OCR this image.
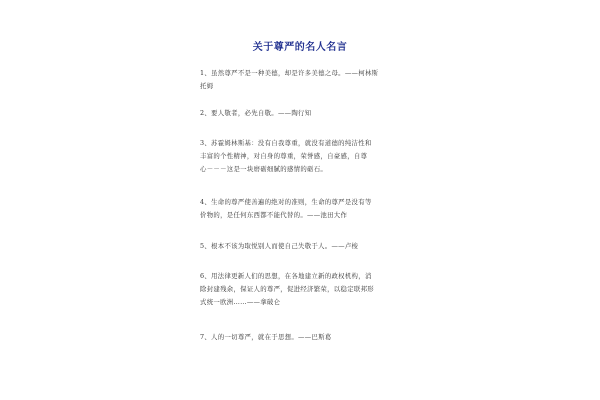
关于尊严的名人名言
1、虽然尊严不是一种美德，却是许多美德之母。——柯林斯
托姆
2、要人敬者，必先自敬。——陶行知
3、苏霍姆林斯基：没有自我尊重，就没有道德的纯洁性和
丰富的个性精神，对自身的尊重，荣誉感，自豪感，自尊
心－－－这是一块磨砺细腻的感情的砺石。
4、生命的尊严使善遍的绝对的准则，生命的尊严是没有等
价物的，是任何东西都不能代替的。——池田大作
5、根本不该为取悦别人而使自己失敬于人。——卢梭
6、用法律更新人们的思想，在各地建立新的政权机构，消
除封建残余，保证人的尊严，促进经济繁荣，以稳定联邦形
式统一欧洲……——拿破仑
7、人的一切尊严，就在于思想。——巴斯葛
